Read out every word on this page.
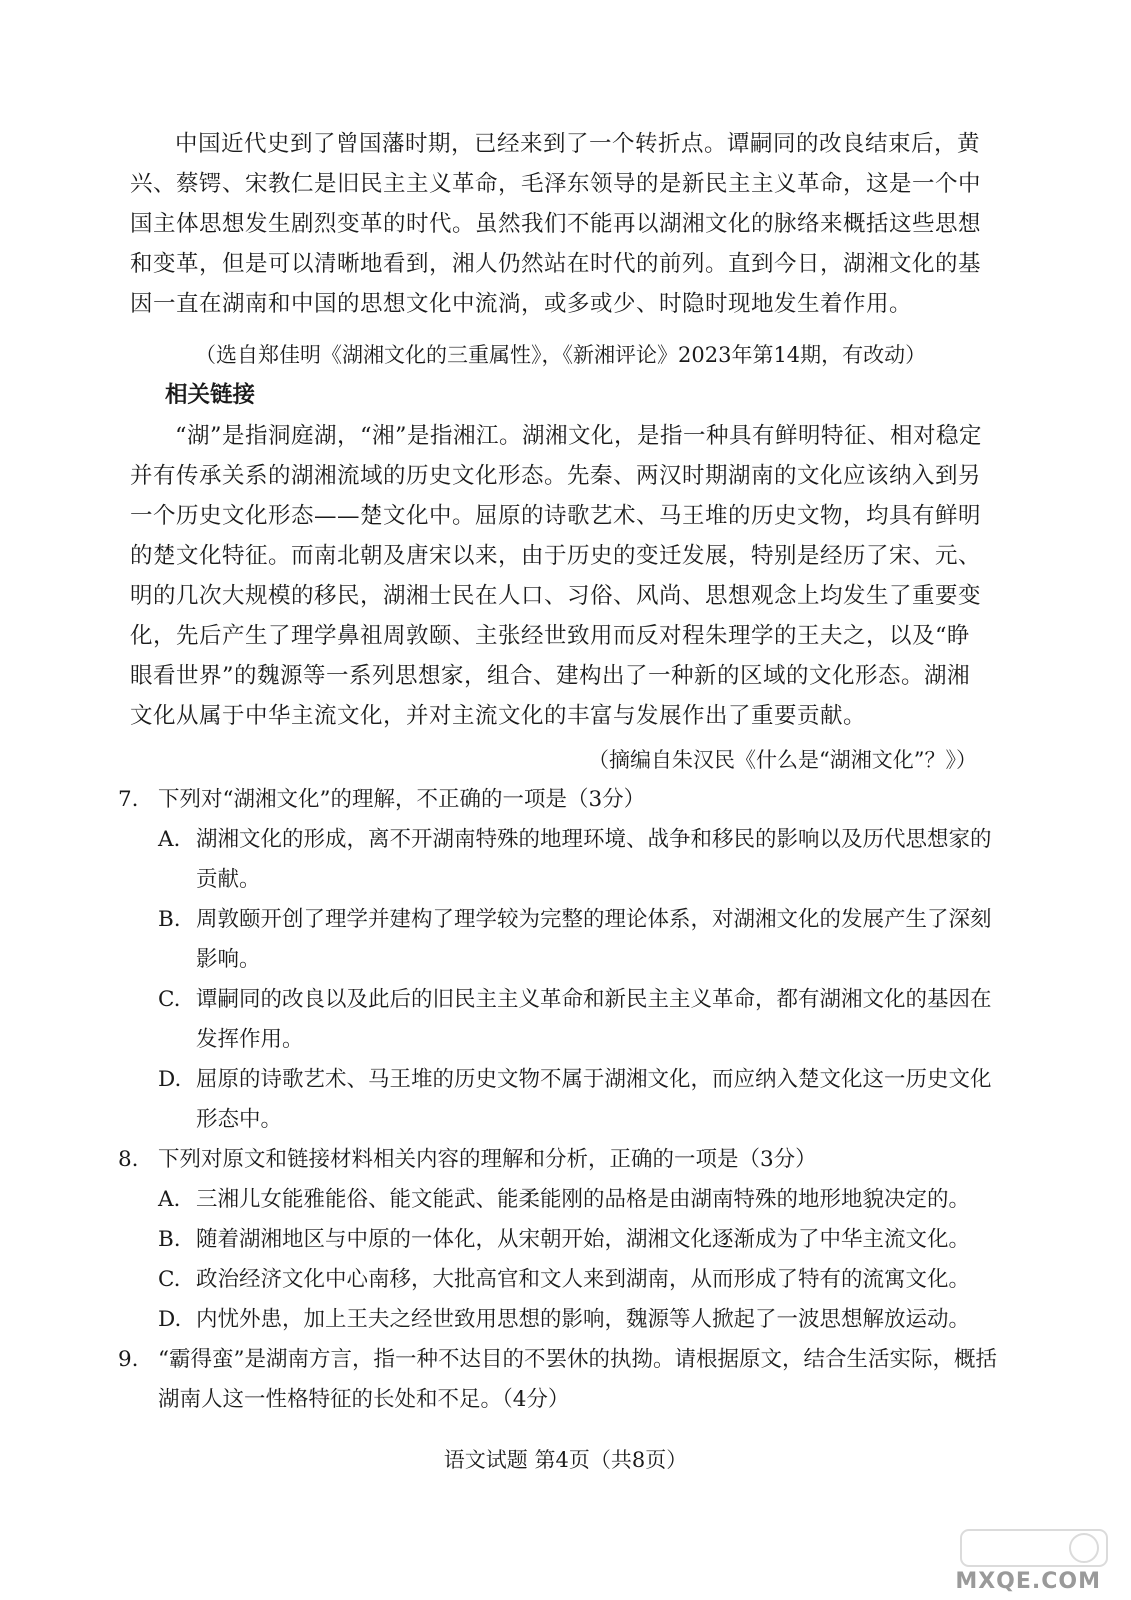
中国近代史到了曾国藩时期，已经来到了一个转折点。谭嗣同的改良结束后，黄兴、蔡锷、宋教仁是旧民主主义革命，毛泽东领导的是新民主主义革命，这是一个中国主体思想发生剧烈变革的时代。虽然我们不能再以湖湘文化的脉络来概括这些思想和变革，但是可以清晰地看到，湘人仍然站在时代的前列。直到今日，湖湘文化的基因一直在湖南和中国的思想文化中流淌，或多或少、时隐时现地发生着作用。
（选自郑佳明《湖湘文化的三重属性》，《新湘评论》2023年第14期，有改动）
相关链接
“湖”是指洞庭湖，“湘”是指湘江。湖湘文化，是指一种具有鲜明特征、相对稳定并有传承关系的湖湘流域的历史文化形态。先秦、两汉时期湖南的文化应该纳入到另一个历史文化形态——楚文化中。屈原的诗歌艺术、马王堆的历史文物，均具有鲜明的楚文化特征。而南北朝及唐宋以来，由于历史的变迁发展，特别是经历了宋、元、明的几次大规模的移民，湖湘士民在人口、习俗、风尚、思想观念上均发生了重要变化，先后产生了理学鼻祖周敦颐、主张经世致用而反对程朱理学的王夫之，以及“睁眼看世界”的魏源等一系列思想家，组合、建构出了一种新的区域的文化形态。湖湘文化从属于中华主流文化，并对主流文化的丰富与发展作出了重要贡献。
（摘编自朱汉民《什么是“湖湘文化”？》）
7. 下列对“湖湘文化”的理解，不正确的一项是（3分）
A. 湖湘文化的形成，离不开湖南特殊的地理环境、战争和移民的影响以及历代思想家的贡献。
B. 周敦颐开创了理学并建构了理学较为完整的理论体系，对湖湘文化的发展产生了深刻影响。
C. 谭嗣同的改良以及此后的旧民主主义革命和新民主主义革命，都有湖湘文化的基因在发挥作用。
D. 屈原的诗歌艺术、马王堆的历史文物不属于湖湘文化，而应纳入楚文化这一历史文化形态中。
8. 下列对原文和链接材料相关内容的理解和分析，正确的一项是（3分）
A. 三湘儿女能雅能俗、能文能武、能柔能刚的品格是由湖南特殊的地形地貌决定的。
B. 随着湖湘地区与中原的一体化，从宋朝开始，湖湘文化逐渐成为了中华主流文化。
C. 政治经济文化中心南移，大批高官和文人来到湖南，从而形成了特有的流寓文化。
D. 内忧外患，加上王夫之经世致用思想的影响，魏源等人掀起了一波思想解放运动。
9. “霸得蛮”是湖南方言，指一种不达目的不罢休的执拗。请根据原文，结合生活实际，概括湖南人这一性格特征的长处和不足。（4分）
语文试题 第4页（共8页）
MXQE.COM
